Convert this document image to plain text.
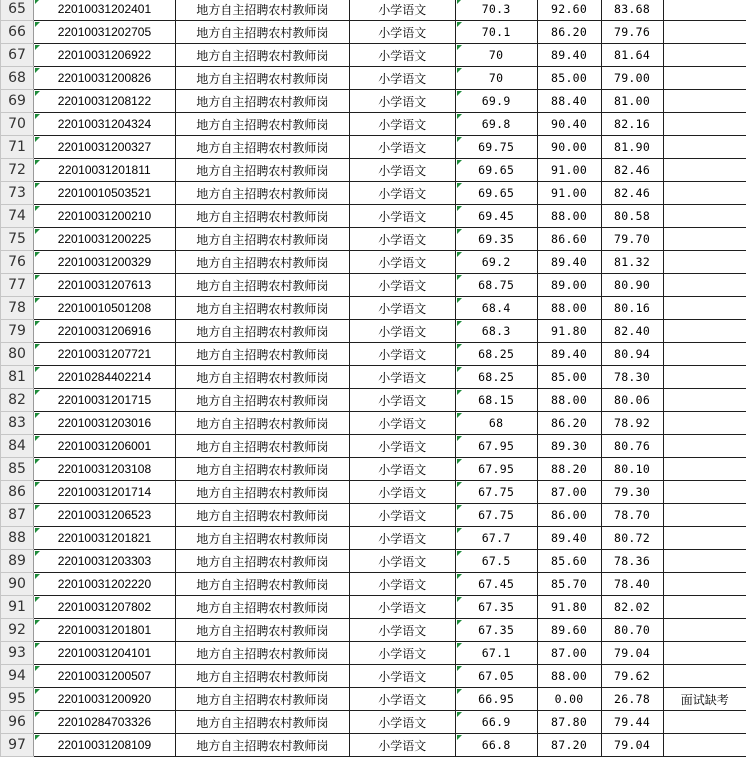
65	22010031202401	地方自主招聘农村教师岗	小学语文	70.3	92.60	83.68	
66	22010031202705	地方自主招聘农村教师岗	小学语文	70.1	86.20	79.76	
67	22010031206922	地方自主招聘农村教师岗	小学语文	70	89.40	81.64	
68	22010031200826	地方自主招聘农村教师岗	小学语文	70	85.00	79.00	
69	22010031208122	地方自主招聘农村教师岗	小学语文	69.9	88.40	81.00	
70	22010031204324	地方自主招聘农村教师岗	小学语文	69.8	90.40	82.16	
71	22010031200327	地方自主招聘农村教师岗	小学语文	69.75	90.00	81.90	
72	22010031201811	地方自主招聘农村教师岗	小学语文	69.65	91.00	82.46	
73	22010010503521	地方自主招聘农村教师岗	小学语文	69.65	91.00	82.46	
74	22010031200210	地方自主招聘农村教师岗	小学语文	69.45	88.00	80.58	
75	22010031200225	地方自主招聘农村教师岗	小学语文	69.35	86.60	79.70	
76	22010031200329	地方自主招聘农村教师岗	小学语文	69.2	89.40	81.32	
77	22010031207613	地方自主招聘农村教师岗	小学语文	68.75	89.00	80.90	
78	22010010501208	地方自主招聘农村教师岗	小学语文	68.4	88.00	80.16	
79	22010031206916	地方自主招聘农村教师岗	小学语文	68.3	91.80	82.40	
80	22010031207721	地方自主招聘农村教师岗	小学语文	68.25	89.40	80.94	
81	22010284402214	地方自主招聘农村教师岗	小学语文	68.25	85.00	78.30	
82	22010031201715	地方自主招聘农村教师岗	小学语文	68.15	88.00	80.06	
83	22010031203016	地方自主招聘农村教师岗	小学语文	68	86.20	78.92	
84	22010031206001	地方自主招聘农村教师岗	小学语文	67.95	89.30	80.76	
85	22010031203108	地方自主招聘农村教师岗	小学语文	67.95	88.20	80.10	
86	22010031201714	地方自主招聘农村教师岗	小学语文	67.75	87.00	79.30	
87	22010031206523	地方自主招聘农村教师岗	小学语文	67.75	86.00	78.70	
88	22010031201821	地方自主招聘农村教师岗	小学语文	67.7	89.40	80.72	
89	22010031203303	地方自主招聘农村教师岗	小学语文	67.5	85.60	78.36	
90	22010031202220	地方自主招聘农村教师岗	小学语文	67.45	85.70	78.40	
91	22010031207802	地方自主招聘农村教师岗	小学语文	67.35	91.80	82.02	
92	22010031201801	地方自主招聘农村教师岗	小学语文	67.35	89.60	80.70	
93	22010031204101	地方自主招聘农村教师岗	小学语文	67.1	87.00	79.04	
94	22010031200507	地方自主招聘农村教师岗	小学语文	67.05	88.00	79.62	
95	22010031200920	地方自主招聘农村教师岗	小学语文	66.95	0.00	26.78	面试缺考
96	22010284703326	地方自主招聘农村教师岗	小学语文	66.9	87.80	79.44	
97	22010031208109	地方自主招聘农村教师岗	小学语文	66.8	87.20	79.04	
